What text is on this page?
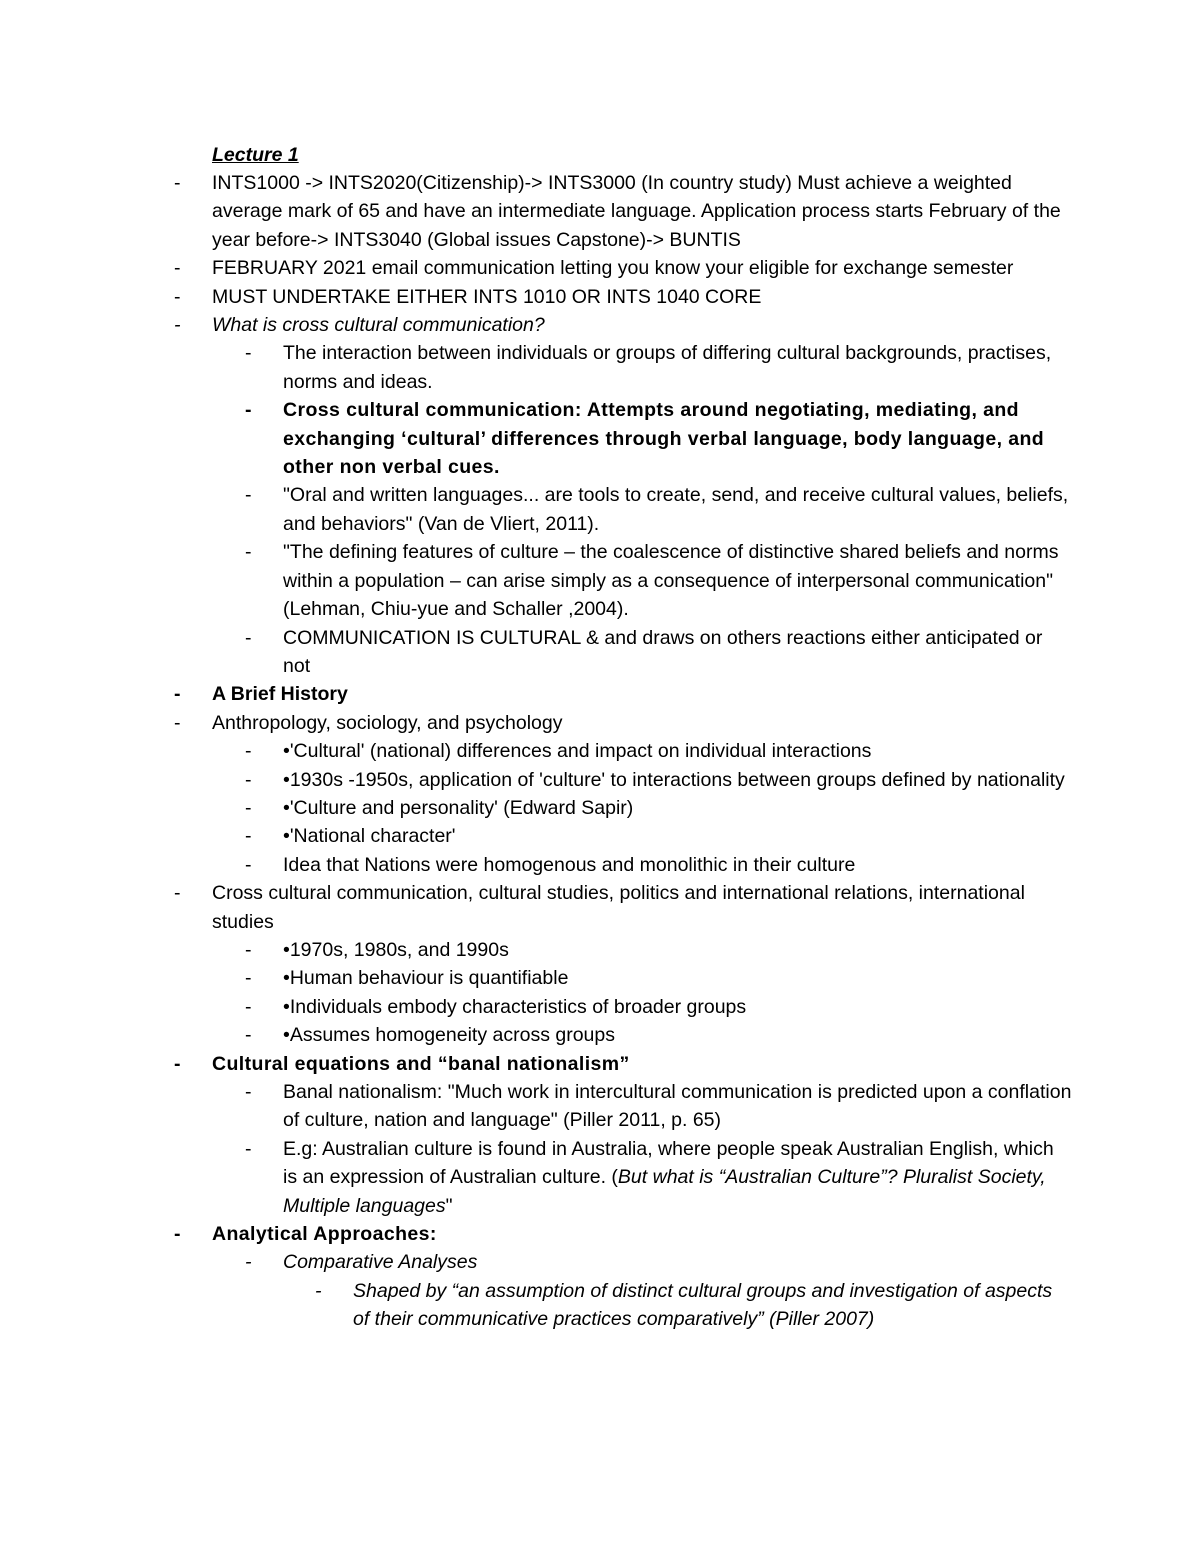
Lecture 1
- INTS1000 -> INTS2020(Citizenship)-> INTS3000 (In country study) Must achieve a weighted average mark of 65 and have an intermediate language. Application process starts February of the year before-> INTS3040 (Global issues Capstone)-> BUNTIS
- FEBRUARY 2021 email communication letting you know your eligible for exchange semester
- MUST UNDERTAKE EITHER INTS 1010 OR INTS 1040 CORE
- What is cross cultural communication?
- The interaction between individuals or groups of differing cultural backgrounds, practises, norms and ideas.
- Cross cultural communication: Attempts around negotiating, mediating, and exchanging ‘cultural’ differences through verbal language, body language, and other non verbal cues.
- "Oral and written languages... are tools to create, send, and receive cultural values, beliefs, and behaviors" (Van de Vliert, 2011).
- "The defining features of culture – the coalescence of distinctive shared beliefs and norms within a population – can arise simply as a consequence of interpersonal communication" (Lehman, Chiu-yue and Schaller ,2004).
- COMMUNICATION IS CULTURAL & and draws on others reactions either anticipated or not
- A Brief History
- Anthropology, sociology, and psychology
- •'Cultural' (national) differences and impact on individual interactions
- •1930s -1950s, application of 'culture' to interactions between groups defined by nationality
- •'Culture and personality' (Edward Sapir)
- •'National character'
- Idea that Nations were homogenous and monolithic in their culture
- Cross cultural communication, cultural studies, politics and international relations, international studies
- •1970s, 1980s, and 1990s
- •Human behaviour is quantifiable
- •Individuals embody characteristics of broader groups
- •Assumes homogeneity across groups
- Cultural equations and “banal nationalism”
- Banal nationalism: "Much work in intercultural communication is predicted upon a conflation of culture, nation and language" (Piller 2011, p. 65)
- E.g: Australian culture is found in Australia, where people speak Australian English, which is an expression of Australian culture. (But what is “Australian Culture”? Pluralist Society, Multiple languages"
- Analytical Approaches:
- Comparative Analyses
- Shaped by “an assumption of distinct cultural groups and investigation of aspects of their communicative practices comparatively” (Piller 2007)
